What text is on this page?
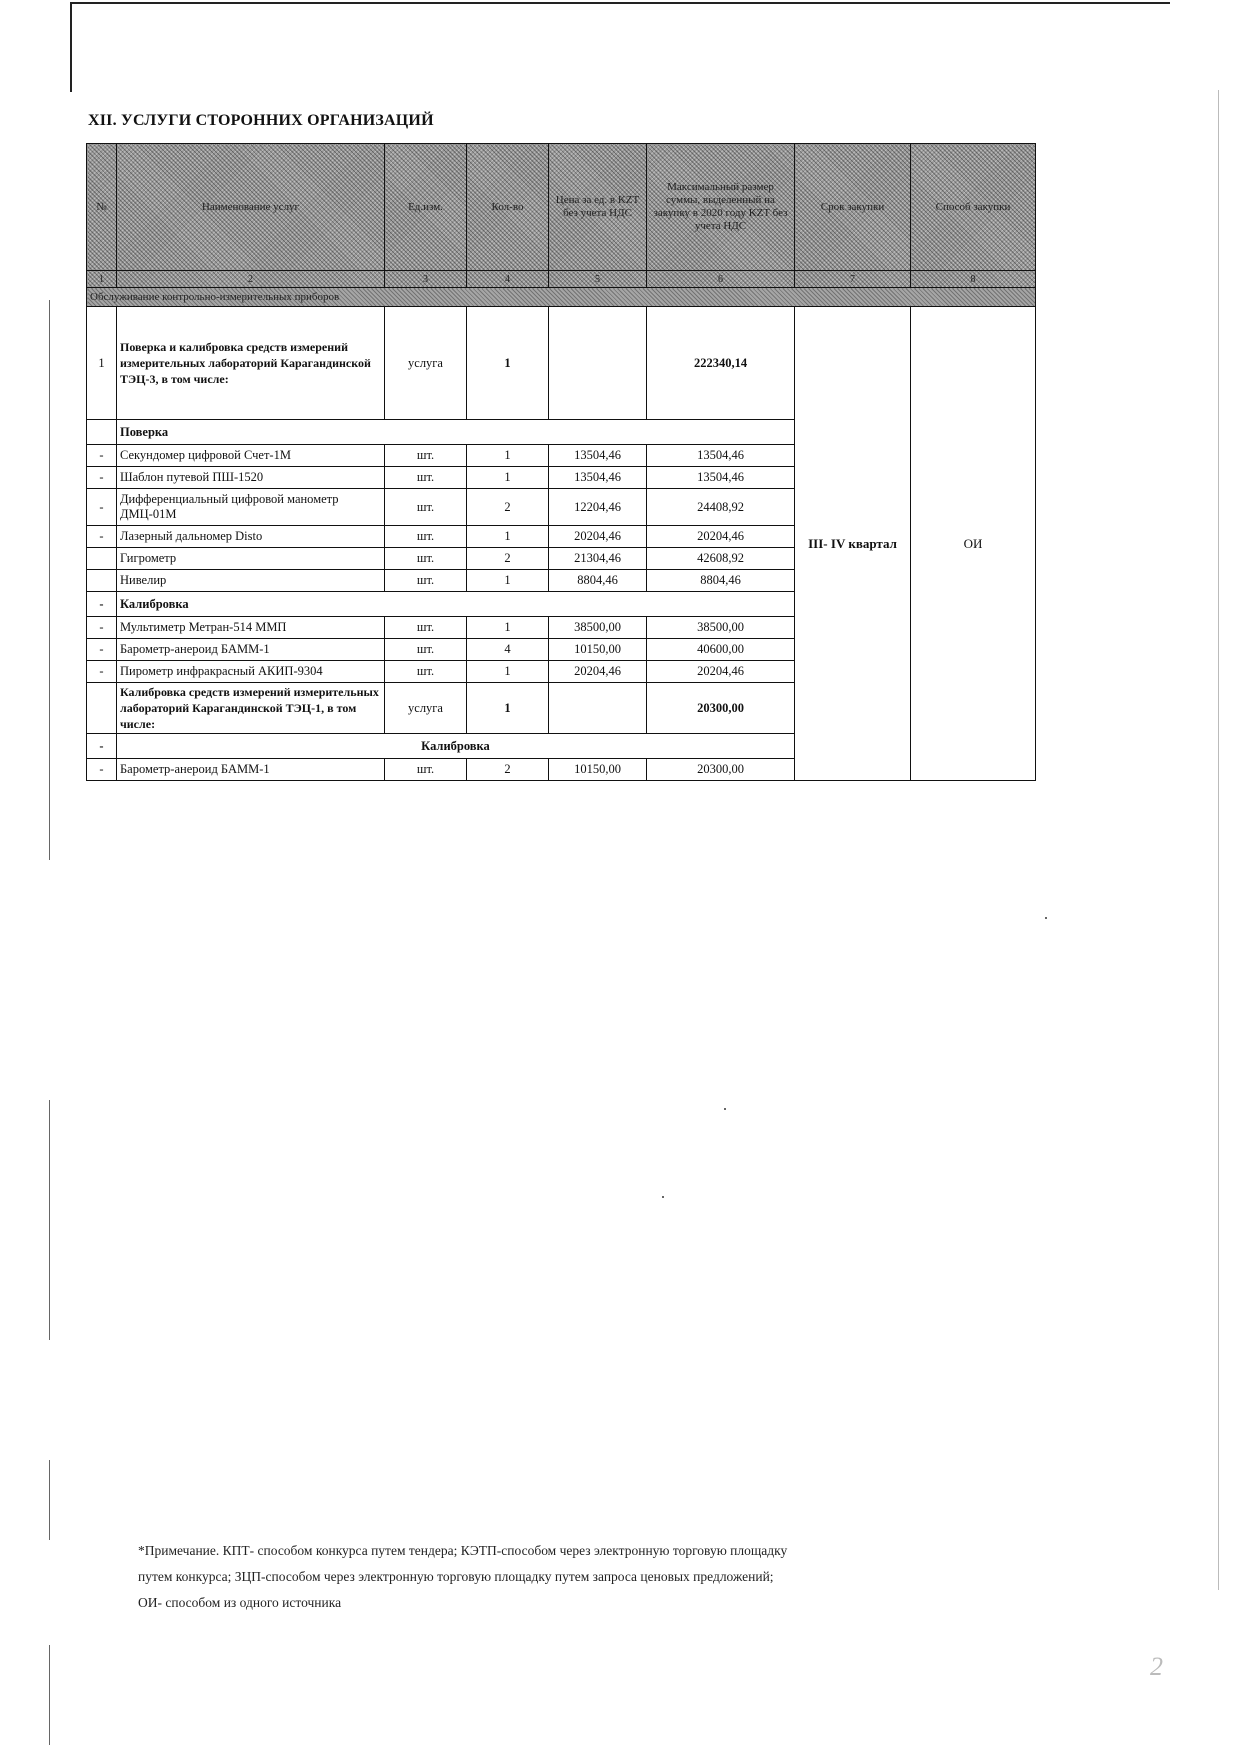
XII. УСЛУГИ СТОРОННИХ ОРГАНИЗАЦИЙ
№	Наименование услуг	Ед.изм.	Кол-во	Цена за ед. в KZT без учета НДС	Максимальный размер суммы, выделенный на закупку в 2020 году KZT без учета НДС	Срок закупки	Способ закупки
1	2	3	4	5	6	7	8
Обслуживание контрольно-измерительных приборов							
1	Поверка и калибровка средств измерений измерительных лабораторий Карагандинской ТЭЦ-3, в том числе:	услуга	1		222340,14	III- IV квартал	ОИ
	Поверка						
-	Секундомер цифровой Счет-1М	шт.	1	13504,46	13504,46		
-	Шаблон путевой ПШ-1520	шт.	1	13504,46	13504,46		
-	Дифференциальный цифровой манометр ДМЦ-01М	шт.	2	12204,46	24408,92		
-	Лазерный дальномер Disto	шт.	1	20204,46	20204,46		
	Гигрометр	шт.	2	21304,46	42608,92		
	Нивелир	шт.	1	8804,46	8804,46		
-	Калибровка						
-	Мультиметр Метран-514 ММП	шт.	1	38500,00	38500,00		
-	Барометр-анероид БАММ-1	шт.	4	10150,00	40600,00		
-	Пирометр инфракрасный АКИП-9304	шт.	1	20204,46	20204,46		
	Калибровка средств измерений измерительных лабораторий Карагандинской ТЭЦ-1, в том числе:	услуга	1		20300,00		
-	Калибровка						
-	Барометр-анероид БАММ-1	шт.	2	10150,00	20300,00		
*Примечание. КПТ- способом конкурса путем тендера; КЭТП-способом через электронную торговую площадку
путем конкурса; ЗЦП-способом через электронную торговую площадку путем запроса ценовых предложений;
ОИ- способом из одного источника
2
